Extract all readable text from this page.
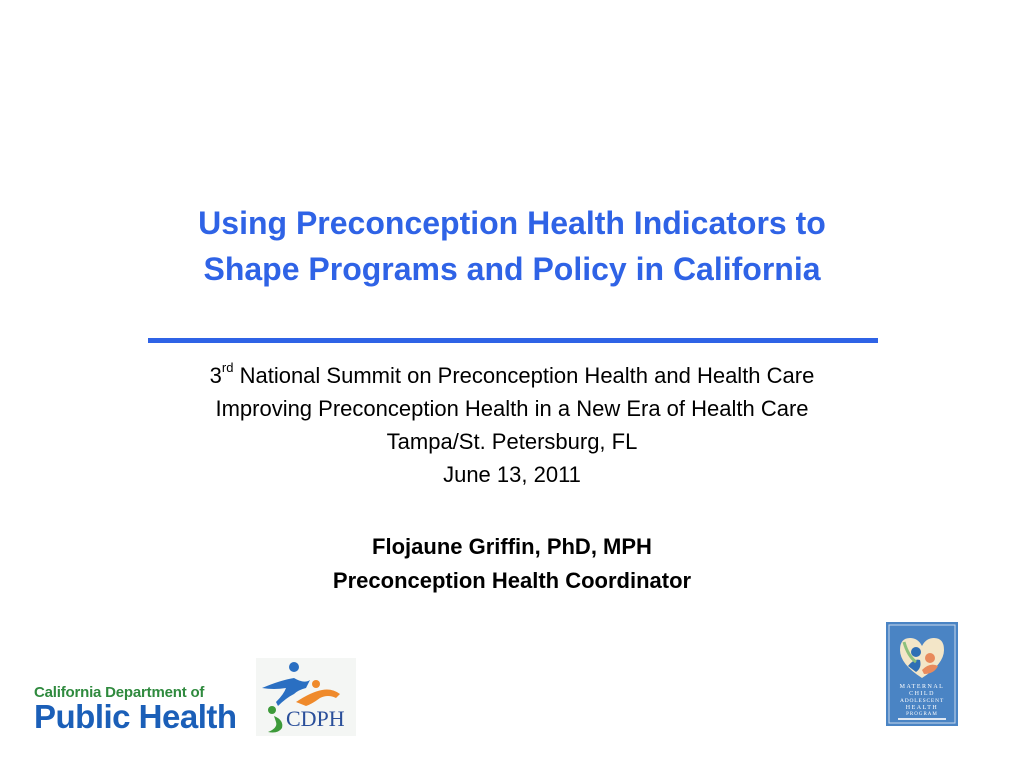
Using Preconception Health Indicators to
Shape Programs and Policy in California
3rd National Summit on Preconception Health and Health Care
Improving Preconception Health in a New Era of Health Care
Tampa/St. Petersburg, FL
June 13, 2011
Flojaune Griffin, PhD, MPH
Preconception Health Coordinator
California Department of
Public Health CDPH
MATERNAL
CHILD
ADOLESCENT
HEALTH
PROGRAM
